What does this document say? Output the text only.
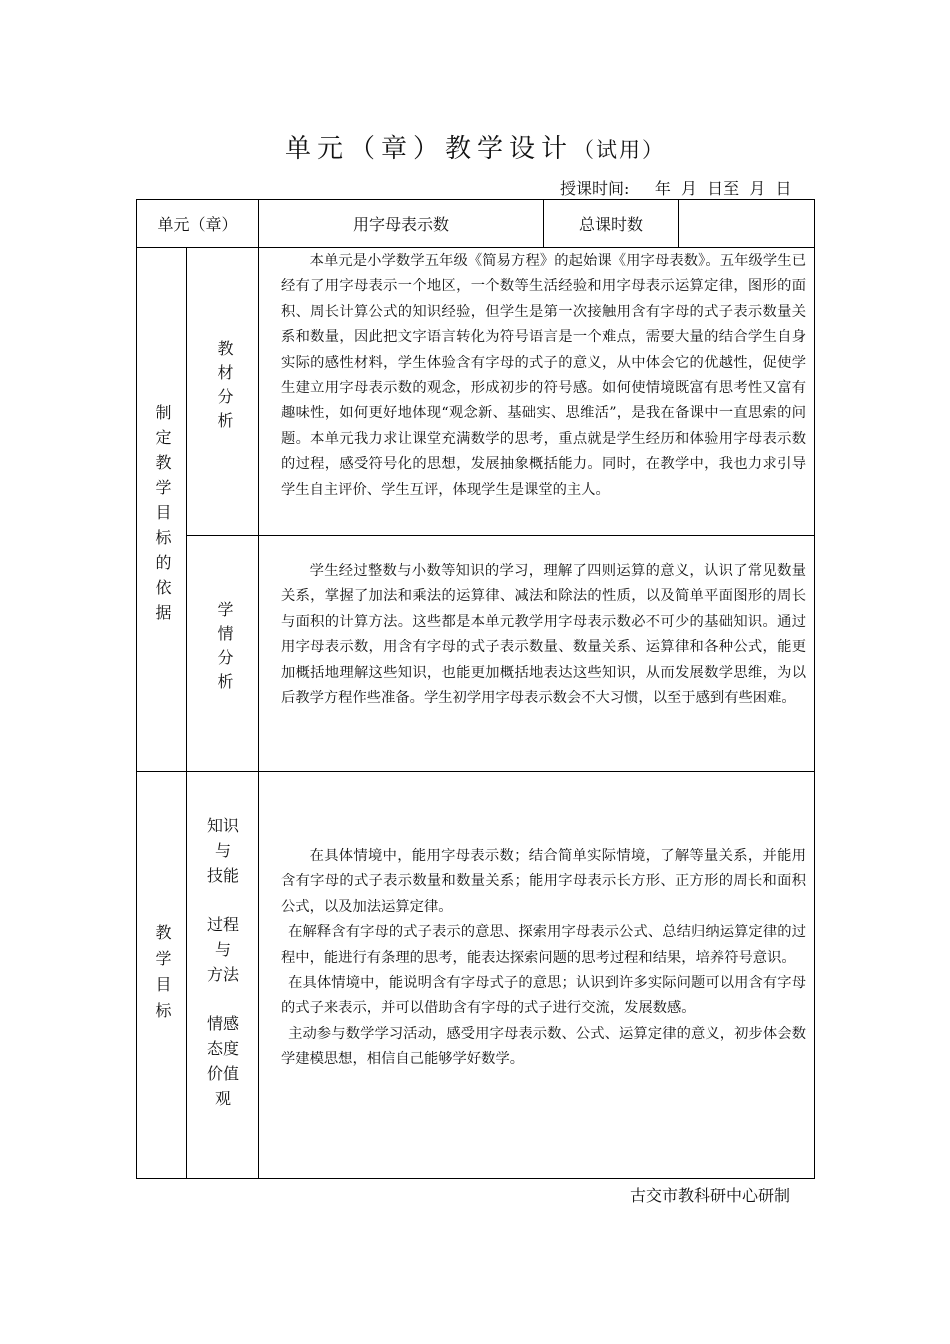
单元（章）教学设计（试用）
授课时间:     年  月  日至  月  日
单元（章）	用字母表示数	总课时数
制定教学目标的依据
教材分析

本单元是小学数学五年级《简易方程》的起始课《用字母表数》。五年级学生已经有了用字母表示一个地区，一个数等生活经验和用字母表示运算定律，图形的面积、周长计算公式的知识经验，但学生是第一次接触用含有字母的式子表示数量关系和数量，因此把文字语言转化为符号语言是一个难点，需要大量的结合学生自身实际的感性材料，学生体验含有字母的式子的意义，从中体会它的优越性，促使学生建立用字母表示数的观念，形成初步的符号感。如何使情境既富有思考性又富有趣味性，如何更好地体现“观念新、基础实、思维活”，是我在备课中一直思索的问题。本单元我力求让课堂充满数学的思考，重点就是学生经历和体验用字母表示数的过程，感受符号化的思想，发展抽象概括能力。同时，在教学中，我也力求引导学生自主评价、学生互评，体现学生是课堂的主人。

学情分析

学生经过整数与小数等知识的学习，理解了四则运算的意义，认识了常见数量关系，掌握了加法和乘法的运算律、减法和除法的性质，以及简单平面图形的周长与面积的计算方法。这些都是本单元教学用字母表示数必不可少的基础知识。通过用字母表示数，用含有字母的式子表示数量、数量关系、运算律和各种公式，能更加概括地理解这些知识，也能更加概括地表达这些知识，从而发展数学思维，为以后教学方程作些准备。学生初学用字母表示数会不大习惯，以至于感到有些困难。

教学目标
知识
与
技能
过程
与
方法
情感
态度
价值
观

在具体情境中，能用字母表示数；结合简单实际情境，了解等量关系，并能用含有字母的式子表示数量和数量关系；能用字母表示长方形、正方形的周长和面积公式，以及加法运算定律。

在解释含有字母的式子表示的意思、探索用字母表示公式、总结归纳运算定律的过程中，能进行有条理的思考，能表达探索问题的思考过程和结果，培养符号意识。

在具体情境中，能说明含有字母式子的意思；认识到许多实际问题可以用含有字母的式子来表示，并可以借助含有字母的式子进行交流，发展数感。

主动参与数学学习活动，感受用字母表示数、公式、运算定律的意义，初步体会数学建模思想，相信自己能够学好数学。

古交市教科研中心研制
